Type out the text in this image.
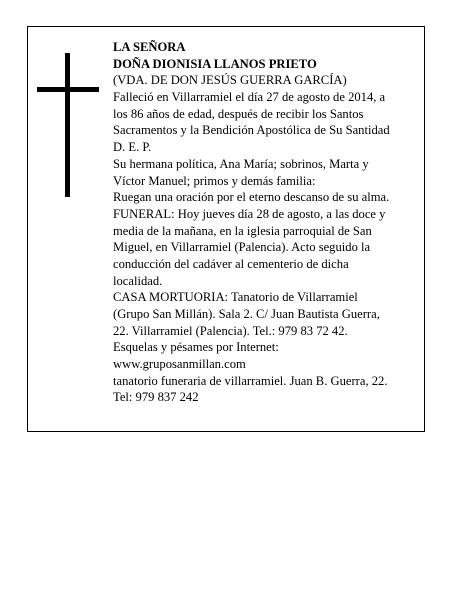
LA SEÑORA
DOÑA DIONISIA LLANOS PRIETO
(VDA. DE DON JESÚS GUERRA GARCÍA)
Falleció en Villarramiel el día 27 de agosto de 2014, a
los 86 años de edad, después de recibir los Santos
Sacramentos y la Bendición Apostólica de Su Santidad
D. E. P.
Su hermana política, Ana María; sobrinos, Marta y
Víctor Manuel; primos y demás familia:
Ruegan una oración por el eterno descanso de su alma.
FUNERAL: Hoy jueves día 28 de agosto, a las doce y
media de la mañana, en la iglesia parroquial de San
Miguel, en Villarramiel (Palencia). Acto seguido la
conducción del cadáver al cementerio de dicha
localidad.
CASA MORTUORIA: Tanatorio de Villarramiel
(Grupo San Millán). Sala 2. C/ Juan Bautista Guerra,
22. Villarramiel (Palencia). Tel.: 979 83 72 42.
Esquelas y pésames por Internet:
www.gruposanmillan.com
tanatorio funeraria de villarramiel. Juan B. Guerra, 22.
Tel: 979 837 242
